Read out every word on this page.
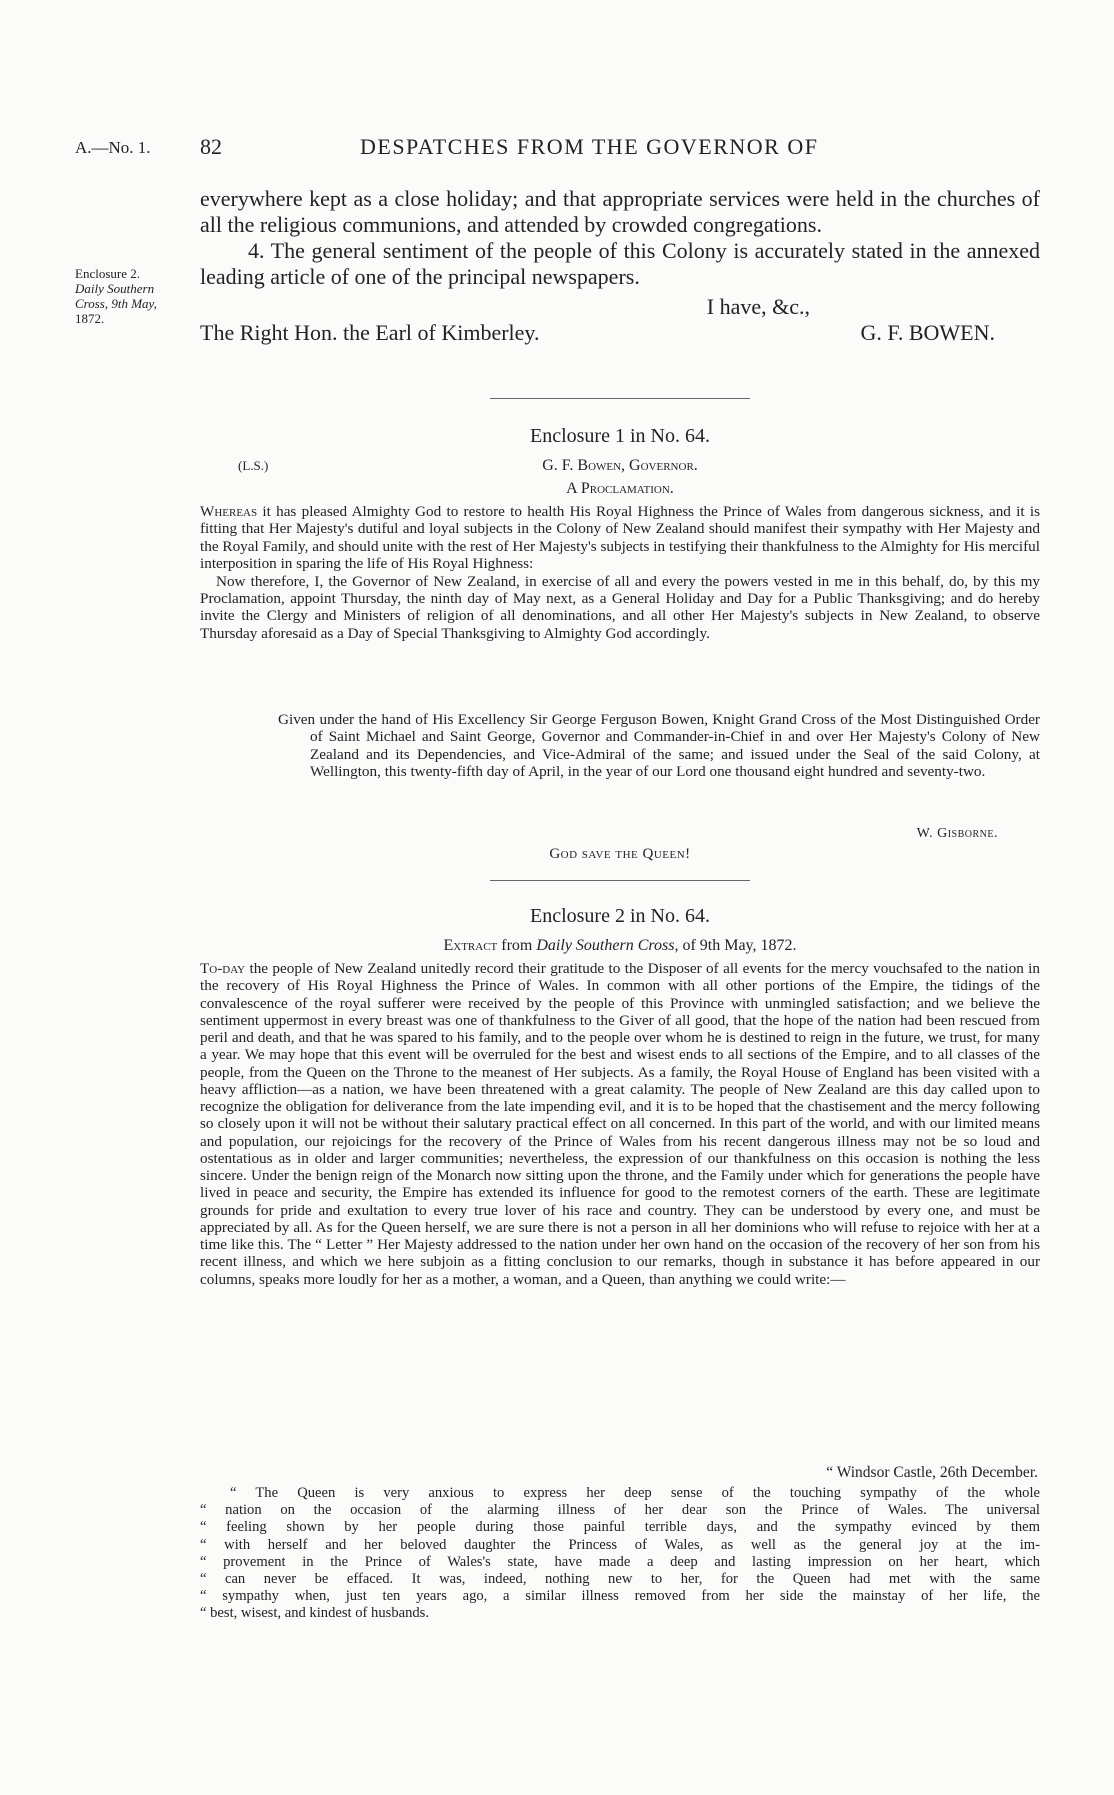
A.—No. 1. 82	DESPATCHES FROM THE GOVERNOR OF

everywhere kept as a close holiday; and that appropriate services were held in the churches of all the religious communions, and attended by crowded congregations.

4. The general sentiment of the people of this Colony is accurately stated in the annexed leading article of one of the principal newspapers.

Enclosure 2.
Daily Southern
Cross, 9th May,
1872.	I have, &c.,
The Right Hon. the Earl of Kimberley.	G. F. BOWEN.
Enclosure 1 in No. 64.
(L.S.)	G. F. Bowen, Governor.
A Proclamation.

Whereas it has pleased Almighty God to restore to health His Royal Highness the Prince of Wales from dangerous sickness, and it is fitting that Her Majesty's dutiful and loyal subjects in the Colony of New Zealand should manifest their sympathy with Her Majesty and the Royal Family, and should unite with the rest of Her Majesty's subjects in testifying their thankfulness to the Almighty for His merciful interposition in sparing the life of His Royal Highness:

Now therefore, I, the Governor of New Zealand, in exercise of all and every the powers vested in me in this behalf, do, by this my Proclamation, appoint Thursday, the ninth day of May next, as a General Holiday and Day for a Public Thanksgiving; and do hereby invite the Clergy and Ministers of religion of all denominations, and all other Her Majesty's subjects in New Zealand, to observe Thursday aforesaid as a Day of Special Thanksgiving to Almighty God accordingly.

Given under the hand of His Excellency Sir George Ferguson Bowen, Knight Grand Cross of the Most Distinguished Order of Saint Michael and Saint George, Governor and Commander-in-Chief in and over Her Majesty's Colony of New Zealand and its Dependencies, and Vice-Admiral of the same; and issued under the Seal of the said Colony, at Wellington, this twenty-fifth day of April, in the year of our Lord one thousand eight hundred and seventy-two.
W. Gisborne.
God save the Queen!
Enclosure 2 in No. 64.
Extract from Daily Southern Cross, of 9th May, 1872.
To-day the people of New Zealand unitedly record their gratitude to the Disposer of all events for the mercy vouchsafed to the nation in the recovery of His Royal Highness the Prince of Wales. In common with all other portions of the Empire, the tidings of the convalescence of the royal sufferer were received by the people of this Province with unmingled satisfaction; and we believe the sentiment uppermost in every breast was one of thankfulness to the Giver of all good, that the hope of the nation had been rescued from peril and death, and that he was spared to his family, and to the people over whom he is destined to reign in the future, we trust, for many a year. We may hope that this event will be overruled for the best and wisest ends to all sections of the Empire, and to all classes of the people, from the Queen on the Throne to the meanest of Her subjects. As a family, the Royal House of England has been visited with a heavy affliction—as a nation, we have been threatened with a great calamity. The people of New Zealand are this day called upon to recognize the obligation for deliverance from the late impending evil, and it is to be hoped that the chastisement and the mercy following so closely upon it will not be without their salutary practical effect on all concerned. In this part of the world, and with our limited means and population, our rejoicings for the recovery of the Prince of Wales from his recent dangerous illness may not be so loud and ostentatious as in older and larger communities; nevertheless, the expression of our thankfulness on this occasion is nothing the less sincere. Under the benign reign of the Monarch now sitting upon the throne, and the Family under which for generations the people have lived in peace and security, the Empire has extended its influence for good to the remotest corners of the earth. These are legitimate grounds for pride and exultation to every true lover of his race and country. They can be understood by every one, and must be appreciated by all. As for the Queen herself, we are sure there is not a person in all her dominions who will refuse to rejoice with her at a time like this. The “ Letter ” Her Majesty addressed to the nation under her own hand on the occasion of the recovery of her son from his recent illness, and which we here subjoin as a fitting conclusion to our remarks, though in substance it has before appeared in our columns, speaks more loudly for her as a mother, a woman, and a Queen, than anything we could write:—
“ Windsor Castle, 26th December.
“ The Queen is very anxious to express her deep sense of the touching sympathy of the whole
“ nation on the occasion of the alarming illness of her dear son the Prince of Wales. The universal
“ feeling shown by her people during those painful terrible days, and the sympathy evinced by them
“ with herself and her beloved daughter the Princess of Wales, as well as the general joy at the im-
“ provement in the Prince of Wales's state, have made a deep and lasting impression on her heart, which
“ can never be effaced. It was, indeed, nothing new to her, for the Queen had met with the same
“ sympathy when, just ten years ago, a similar illness removed from her side the mainstay of her life, the
“ best, wisest, and kindest of husbands.
